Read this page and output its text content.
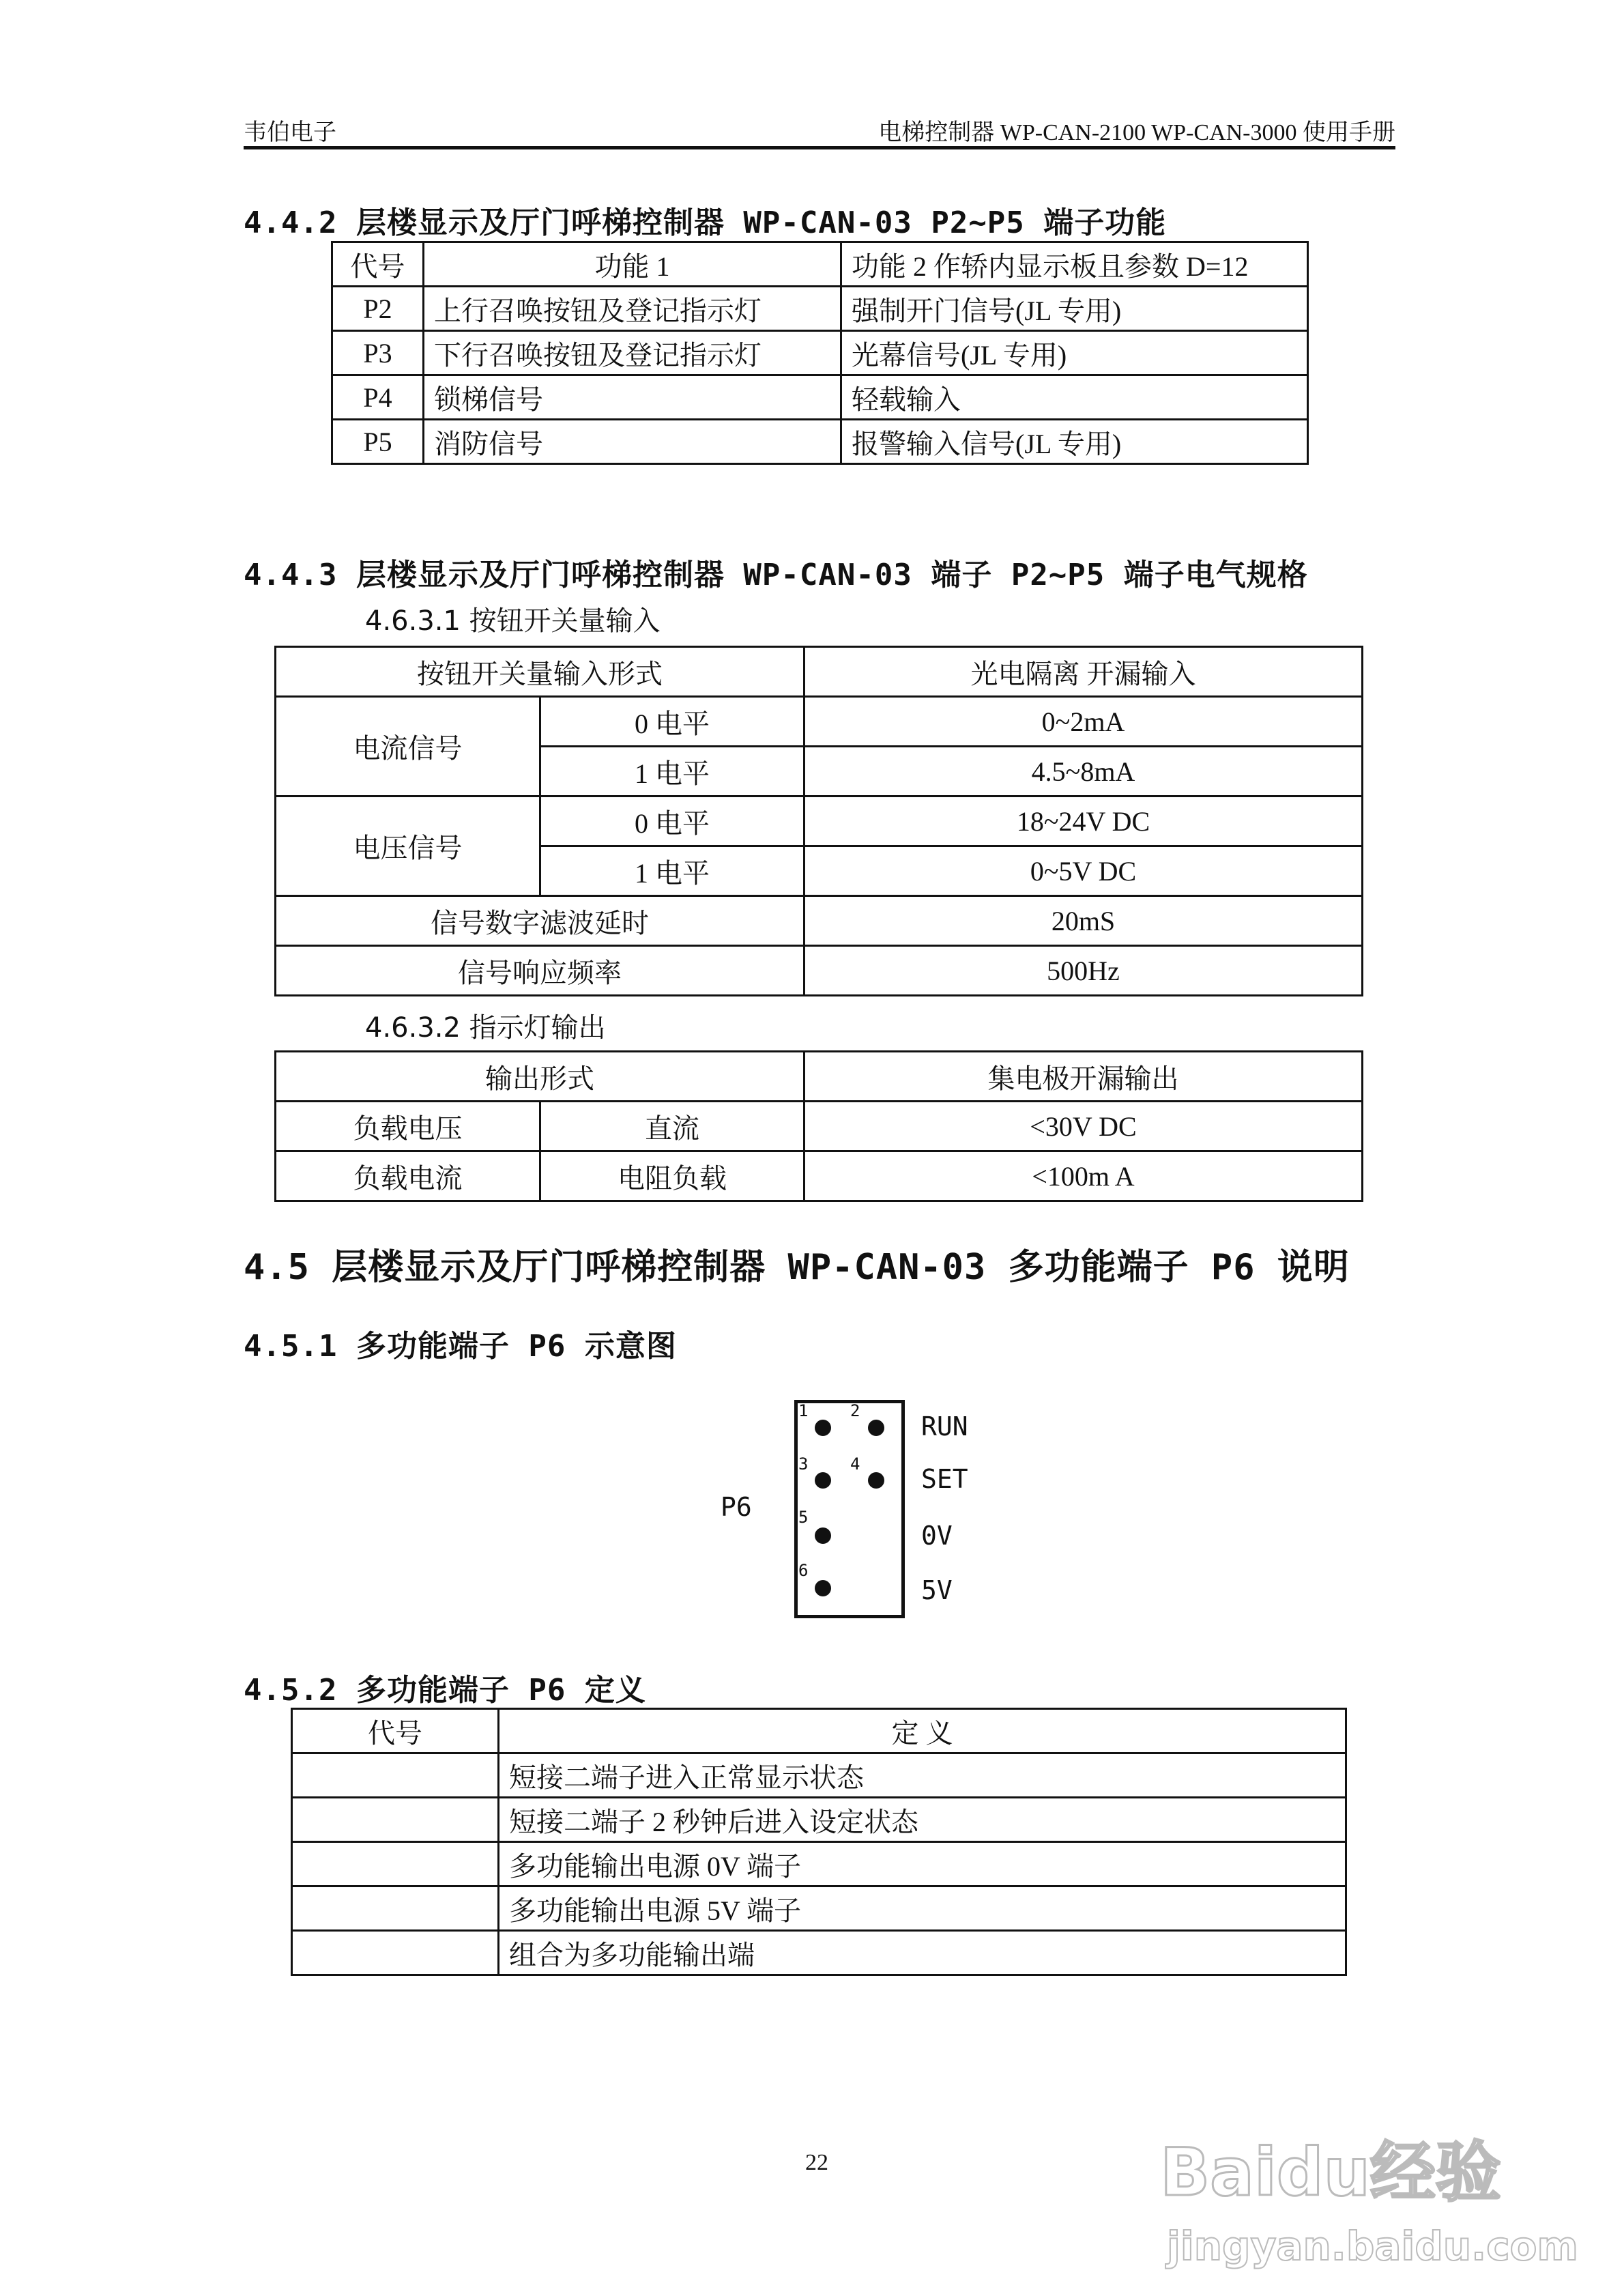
韦伯电子	电梯控制器 WP-CAN-2100 WP-CAN-3000 使用手册
4.4.2 层楼显示及厅门呼梯控制器 WP-CAN-03 P2~P5 端子功能
代号	功能 1	功能 2 作轿内显示板且参数 D=12
P2	上行召唤按钮及登记指示灯	强制开门信号(JL 专用)
P3	下行召唤按钮及登记指示灯	光幕信号(JL 专用)
P4	锁梯信号	轻载输入
P5	消防信号	报警输入信号(JL 专用)
4.4.3 层楼显示及厅门呼梯控制器 WP-CAN-03 端子 P2~P5 端子电气规格
4.6.3.1 按钮开关量输入
按钮开关量输入形式		光电隔离 开漏输入
电流信号	0 电平	0~2mA
	1 电平	4.5~8mA
电压信号	0 电平	18~24V DC
	1 电平	0~5V DC
信号数字滤波延时		20mS
信号响应频率		500Hz
4.6.3.2 指示灯输出
输出形式		集电极开漏输出
负载电压	直流	<30V DC
负载电流	电阻负载	<100m A
4.5 层楼显示及厅门呼梯控制器 WP-CAN-03 多功能端子 P6 说明
4.5.1 多功能端子 P6 示意图
P6
1	2
3	4
5
6
RUN
SET
0V
5V
4.5.2 多功能端子 P6 定义
代号	定 义
	短接二端子进入正常显示状态
	短接二端子 2 秒钟后进入设定状态
	多功能输出电源 0V 端子
	多功能输出电源 5V 端子
	组合为多功能输出端
22	Baidu经验
jingyan.baidu.com
